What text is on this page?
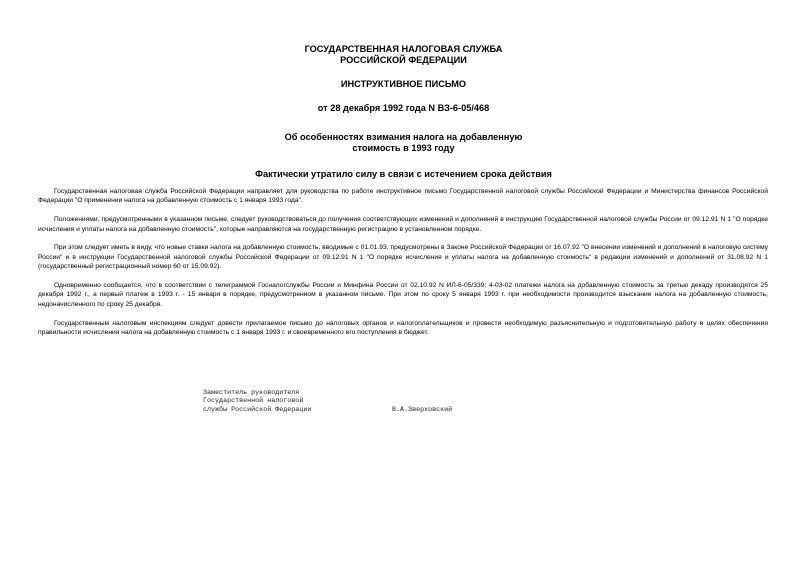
ГОСУДАРСТВЕННАЯ НАЛОГОВАЯ СЛУЖБА
РОССИЙСКОЙ ФЕДЕРАЦИИ
ИНСТРУКТИВНОЕ ПИСЬМО
от 28 декабря 1992 года N ВЗ-6-05/468
Об особенностях взимания налога на добавленную
стоимость в 1993 году
Фактически утратило силу в связи с истечением срока действия

Государственная налоговая служба Российской Федерации направляет для руководства по работе инструктивное письмо Государственной налоговой службы Российской Федерации и Министерства финансов Российской Федерации "О применении налога на добавленную стоимость с 1 января 1993 года".

Положениями, предусмотренными в указанном письме, следует руководствоваться до получения соответствующих изменений и дополнений в инструкцию Государственной налоговой службы России от 09.12.91 N 1 "О порядке исчисления и уплаты налога на добавленную стоимость", которые направляются на государственную регистрацию в установленном порядке.

При этом следует иметь в виду, что новые ставки налога на добавленную стоимость, вводимые с 01.01.93, предусмотрены в Законе Российской Федерации от 16.07.92 "О внесении изменений и дополнений в налоговую систему России" и в инструкции Государственной налоговой службы Российской Федерации от 09.12.91 N 1 "О порядке исчисления и уплаты налога на добавленную стоимость" в редакции изменений и дополнений от 31.08.92 N 1 (государственный регистрационный номер 60 от 15.09.92).

Одновременно сообщается, что в соответствии с телеграммой Госналогслужбы России и Минфина России от 02.10.92 N ИЛ-6-05/339; 4-03-02 платежи налога на добавленную стоимость за третью декаду производятся 25 декабря 1992 г., а первый платеж в 1993 г. - 15 января в порядке, предусмотренном в указанном письме. При этом по сроку 5 января 1993 г. при необходимости производится взыскание налога на добавленную стоимость, недоначисленного по сроку 25 декабря.

Государственным налоговым инспекциям следует довести прилагаемое письмо до налоговых органов и налогоплательщиков и провести необходимую разъяснительную и подготовительную работу в целях обеспечения правильности исчисления налога на добавленную стоимость с 1 января 1993 г. и своевременного его поступления в бюджет.

Заместитель руководителя
Государственной налоговой
службы Российской Федерации	В.А.Зверховский
